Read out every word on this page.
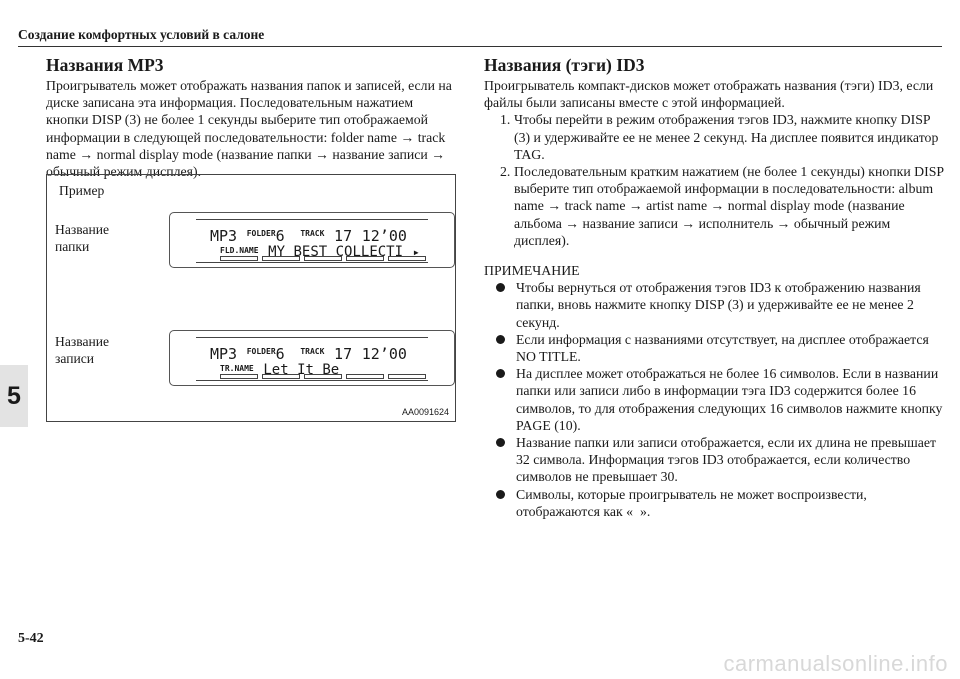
Создание комфортных условий в салоне
5
Названия MP3

Проигрыватель может отображать названия папок и записей, если на диске записана эта информация. Последовательным нажатием кнопки DISP (3) не более 1 секунды выберите тип отображаемой информации в следующей последовательности: folder name → track name → normal display mode (название папки → название записи → обычный режим дисплея).

Пример
Название
папки
Название
записи
MP3 $^{FOLDER}$6 $^{TRACK}$ 17 12’00
FLD.NAME MY BEST COLLECTI ▸
MP3 $^{FOLDER}$6 $^{TRACK}$ 17 12’00
TR.NAME Let It Be
AA0091624
Названия (тэги) ID3

Проигрыватель компакт-дисков может отображать названия (тэги) ID3, если файлы были записаны вместе с этой информацией.

1. Чтобы перейти в режим отображения тэгов ID3, нажмите кнопку DISP (3) и удерживайте ее не менее 2 секунд. На дисплее появится индикатор TAG.
2. Последовательным кратким нажатием (не более 1 секунды) кнопки DISP выберите тип отображаемой информации в последовательности: album name → track name → artist name → normal display mode (название альбома → название записи → исполнитель → обычный режим дисплея).

ПРИМЕЧАНИЕ

Чтобы вернуться от отображения тэгов ID3 к отображению названия папки, вновь нажмите кнопку DISP (3) и удерживайте ее не менее 2 секунд.
Если информация с названиями отсутствует, на дисплее отображается NO TITLE.
На дисплее может отображаться не более 16 символов. Если в названии папки или записи либо в информации тэга ID3 содержится более 16 символов, то для отображения следующих 16 символов нажмите кнопку PAGE (10).
Название папки или записи отображается, если их длина не превышает 32 символа. Информация тэгов ID3 отображается, если количество символов не превышает 30.
Символы, которые проигрыватель не может воспроизвести, отображаются как «  ».
5-42
carmanualsonline.info
